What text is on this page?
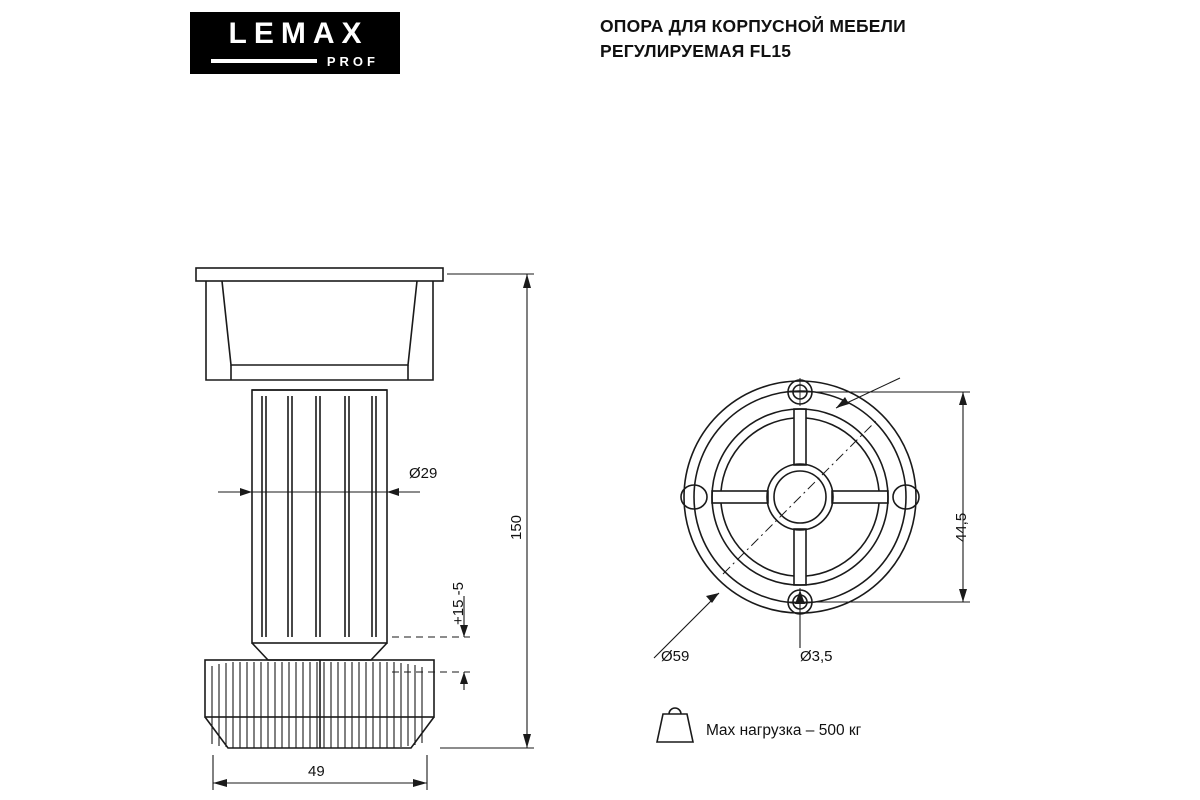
LEMAX
PROF
ОПОРА ДЛЯ КОРПУСНОЙ МЕБЕЛИ
РЕГУЛИРУЕМАЯ FL15
Ø29
150
+15 -5
49
Ø59	Ø3,5
44,5
Max нагрузка – 500 кг
